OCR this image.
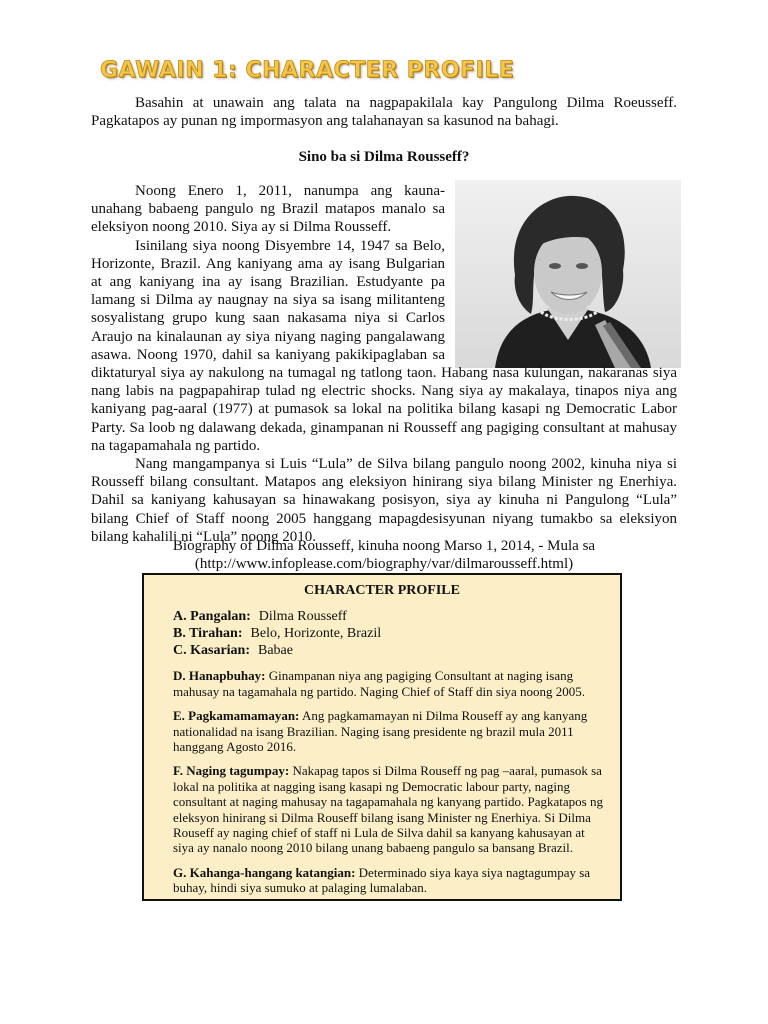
GAWAIN 1: CHARACTER PROFILE

Basahin at unawain ang talata na nagpapakilala kay Pangulong Dilma Roeusseff. Pagkatapos ay punan ng impormasyon ang talahanayan sa kasunod na bahagi.

Sino ba si Dilma Rousseff?

Noong Enero 1, 2011, nanumpa ang kauna-unahang babaeng pangulo ng Brazil matapos manalo sa eleksiyon noong 2010. Siya ay si Dilma Rousseff.

Isinilang siya noong Disyembre 14, 1947 sa Belo, Horizonte, Brazil. Ang kaniyang ama ay isang Bulgarian at ang kaniyang ina ay isang Brazilian. Estudyante pa lamang si Dilma ay naugnay na siya sa isang militanteng sosyalistang grupo kung saan nakasama niya si Carlos Araujo na kinalaunan ay siya niyang naging pangalawang asawa. Noong 1970, dahil sa kaniyang pakikipaglaban sa diktaturyal siya ay nakulong na tumagal ng tatlong taon. Habang nasa kulungan, nakaranas siya nang labis na pagpapahirap tulad ng electric shocks. Nang siya ay makalaya, tinapos niya ang kaniyang pag-aaral (1977) at pumasok sa lokal na politika bilang kasapi ng Democratic Labor Party. Sa loob ng dalawang dekada, ginampanan ni Rousseff ang pagiging consultant at mahusay na tagapamahala ng partido.

Nang mangampanya si Luis “Lula” de Silva bilang pangulo noong 2002, kinuha niya si Rousseff bilang consultant. Matapos ang eleksiyon hinirang siya bilang Minister ng Enerhiya. Dahil sa kaniyang kahusayan sa hinawakang posisyon, siya ay kinuha ni Pangulong “Lula” bilang Chief of Staff noong 2005 hanggang mapagdesisyunan niyang tumakbo sa eleksiyon bilang kahalili ni “Lula” noong 2010.

Biography of Dilma Rousseff, kinuha noong Marso 1, 2014, - Mula sa
(http://www.infoplease.com/biography/var/dilmarousseff.html)
CHARACTER PROFILE
A. Pangalan: Dilma Rousseff
B. Tirahan: Belo, Horizonte, Brazil
C. Kasarian: Babae
D. Hanapbuhay: Ginampanan niya ang pagiging Consultant at naging isang mahusay na tagamahala ng partido. Naging Chief of Staff din siya noong 2005.
E. Pagkamamamayan: Ang pagkamamayan ni Dilma Rouseff ay ang kanyang nationalidad na isang Brazilian. Naging isang presidente ng brazil mula 2011 hanggang Agosto 2016.
F. Naging tagumpay: Nakapag tapos si Dilma Rouseff ng pag –aaral, pumasok sa lokal na politika at nagging isang kasapi ng Democratic labour party, naging consultant at naging mahusay na tagapamahala ng kanyang partido. Pagkatapos ng eleksyon hinirang si Dilma Rouseff bilang isang Minister ng Enerhiya. Si Dilma Rouseff ay naging chief of staff ni Lula de Silva dahil sa kanyang kahusayan at siya ay nanalo noong 2010 bilang unang babaeng pangulo sa bansang Brazil.
G. Kahanga-hangang katangian: Determinado siya kaya siya nagtagumpay sa buhay, hindi siya sumuko at palaging lumalaban.
